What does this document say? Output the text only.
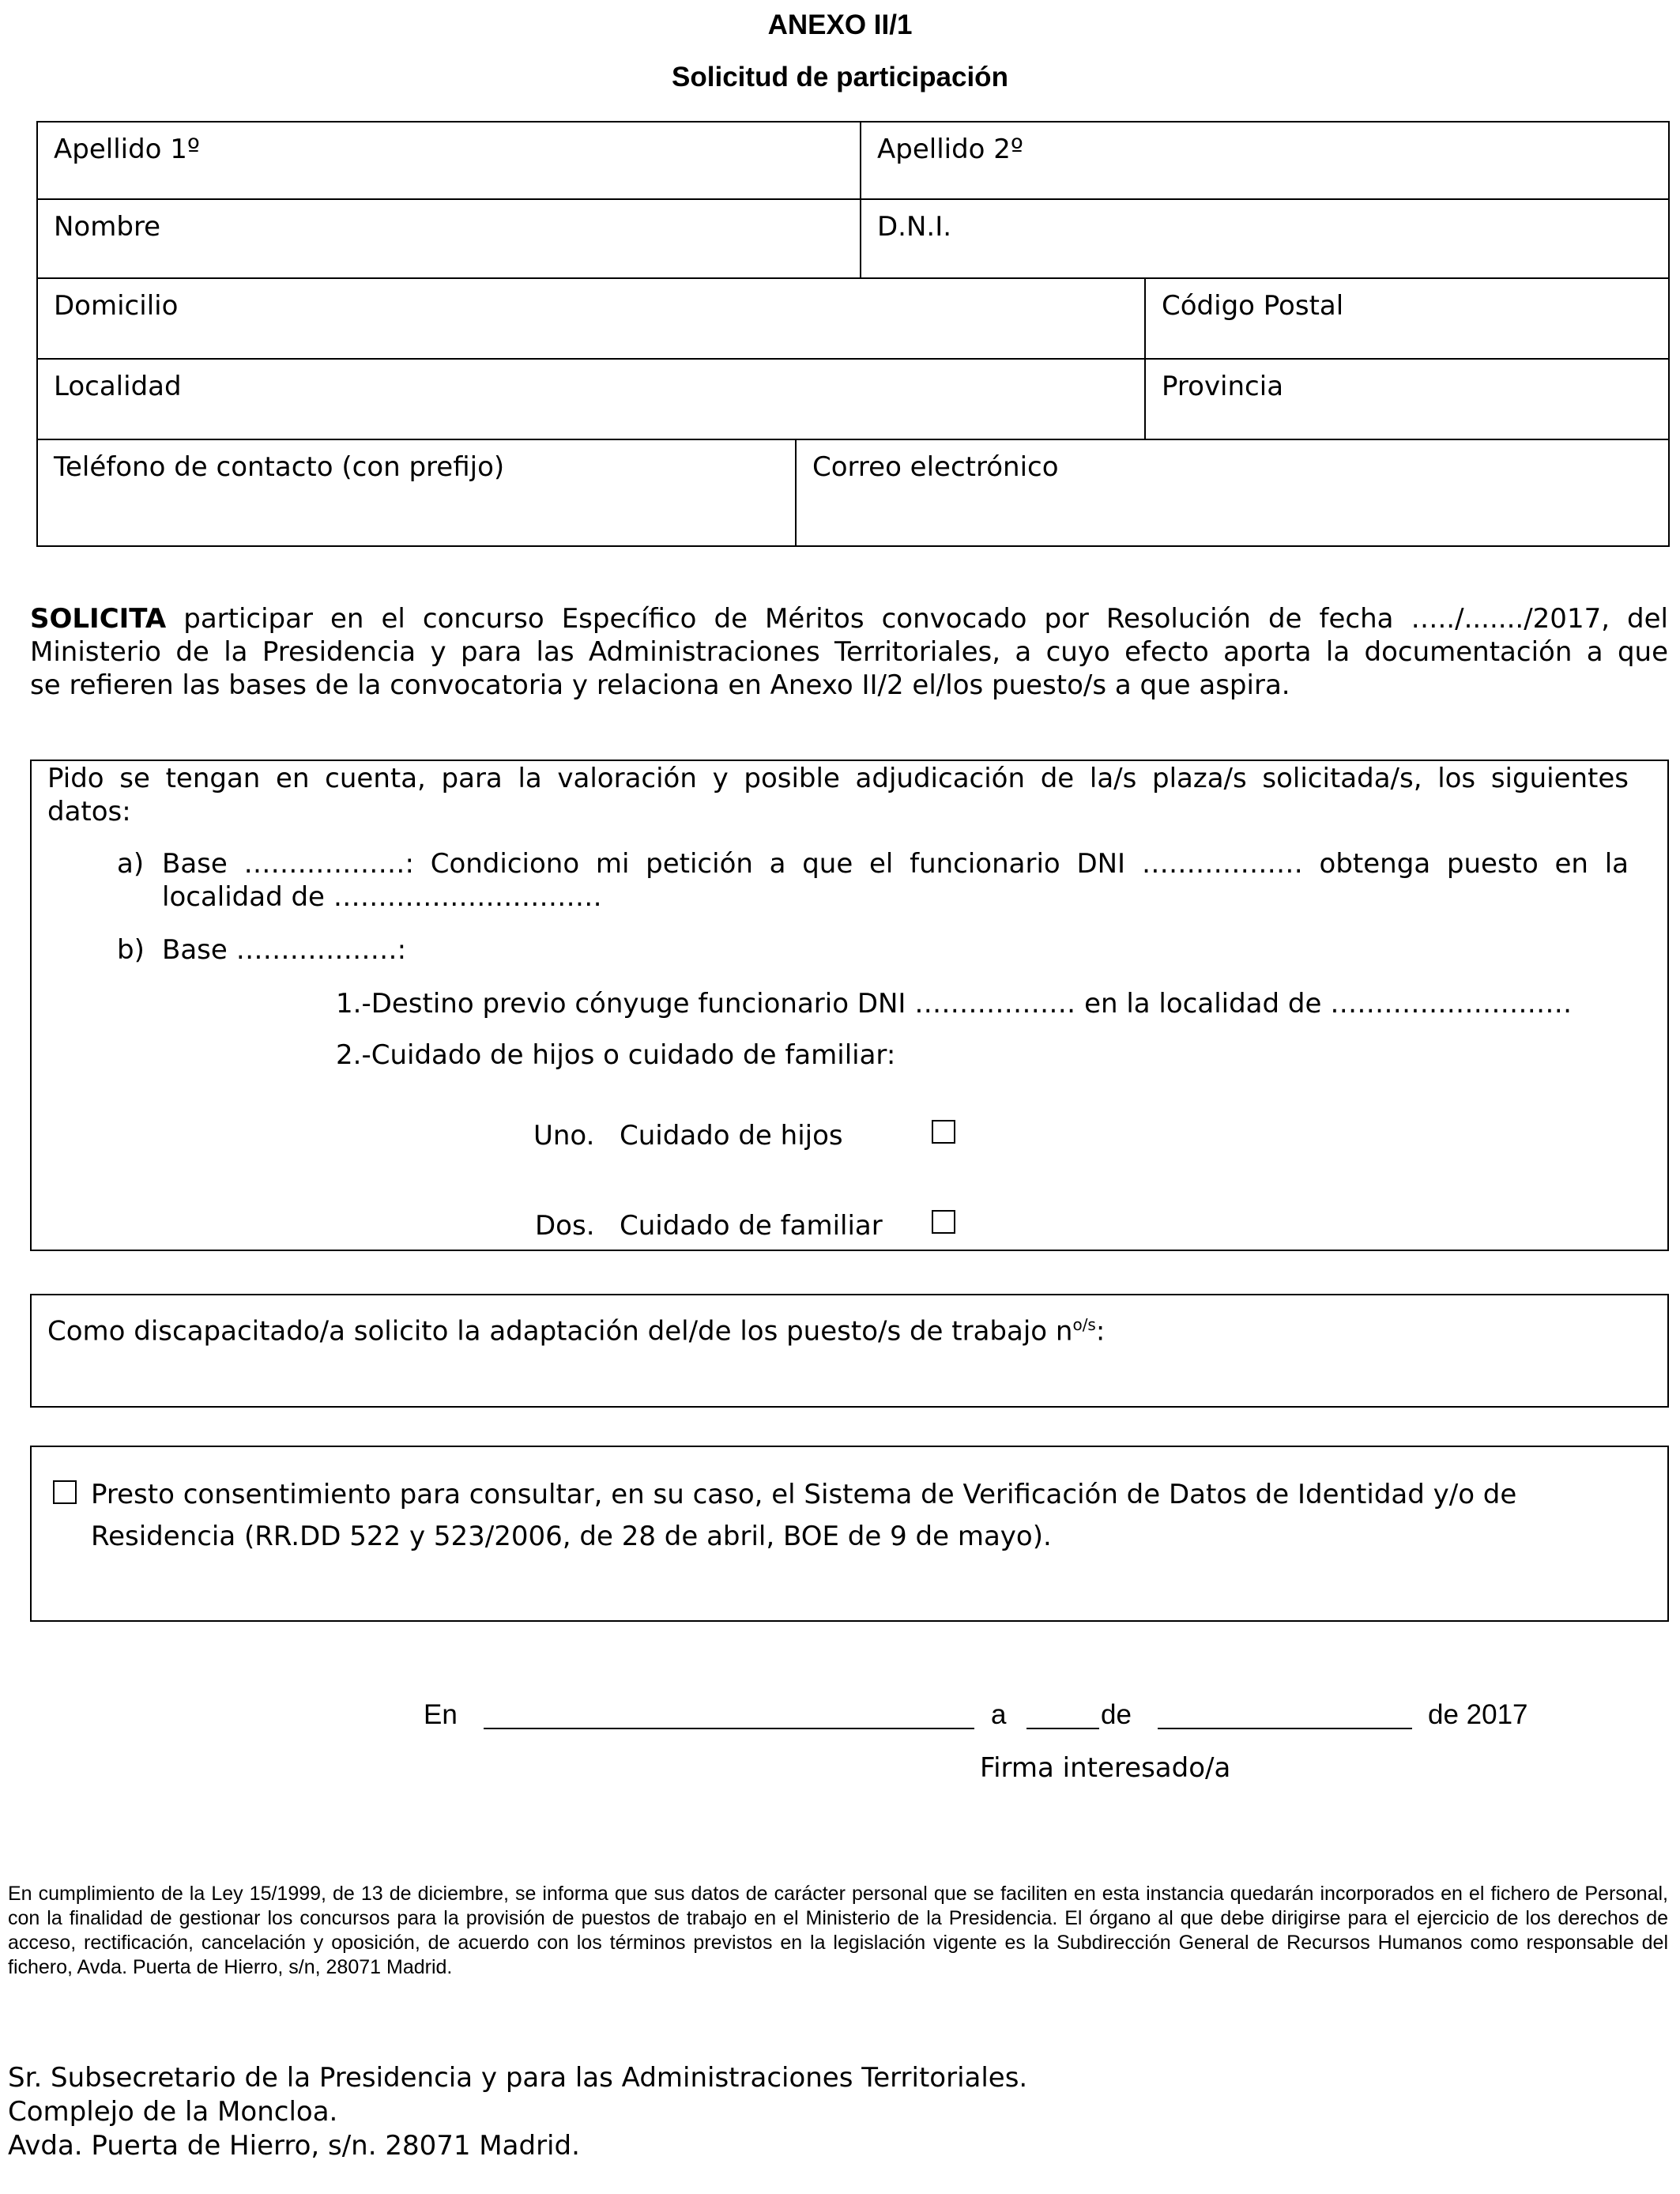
ANEXO II/1
Solicitud de participación
Apellido 1º	Apellido 2º
Nombre	D.N.I.
Domicilio	Código Postal
Localidad	Provincia
Teléfono de contacto (con prefijo)	Correo electrónico
SOLICITA participar en el concurso Específico de Méritos convocado por Resolución de fecha …../......./2017, del
Ministerio de la Presidencia y para las Administraciones Territoriales, a cuyo efecto aporta la documentación a que
se refieren las bases de la convocatoria y relaciona en Anexo II/2 el/los puesto/s a que aspira.
Pido se tengan en cuenta, para la valoración y posible adjudicación de la/s plaza/s solicitada/s, los siguientes
datos:
a) Base ………………: Condiciono mi petición a que el funcionario DNI ……………… obtenga puesto en la
localidad de …………………………
b) Base ………………:
1.-Destino previo cónyuge funcionario DNI ……………… en la localidad de ………………………
2.-Cuidado de hijos o cuidado de familiar:
Uno. Cuidado de hijos
Dos. Cuidado de familiar
Como discapacitado/a solicito la adaptación del/de los puesto/s de trabajo $n^{o/s}$:
Presto consentimiento para consultar, en su caso, el Sistema de Verificación de Datos de Identidad y/o de
Residencia (RR.DD 522 y 523/2006, de 28 de abril, BOE de 9 de mayo).
En	a	de	de 2017
Firma interesado/a
En cumplimiento de la Ley 15/1999, de 13 de diciembre, se informa que sus datos de carácter personal que se faciliten en esta instancia quedarán incorporados en el fichero de Personal, con la finalidad de gestionar los concursos para la provisión de puestos de trabajo en el Ministerio de la Presidencia. El órgano al que debe dirigirse para el ejercicio de los derechos de acceso, rectificación, cancelación y oposición, de acuerdo con los términos previstos en la legislación vigente es la Subdirección General de Recursos Humanos como responsable del fichero, Avda. Puerta de Hierro, s/n, 28071 Madrid.
Sr. Subsecretario de la Presidencia y para las Administraciones Territoriales.
Complejo de la Moncloa.
Avda. Puerta de Hierro, s/n. 28071 Madrid.
